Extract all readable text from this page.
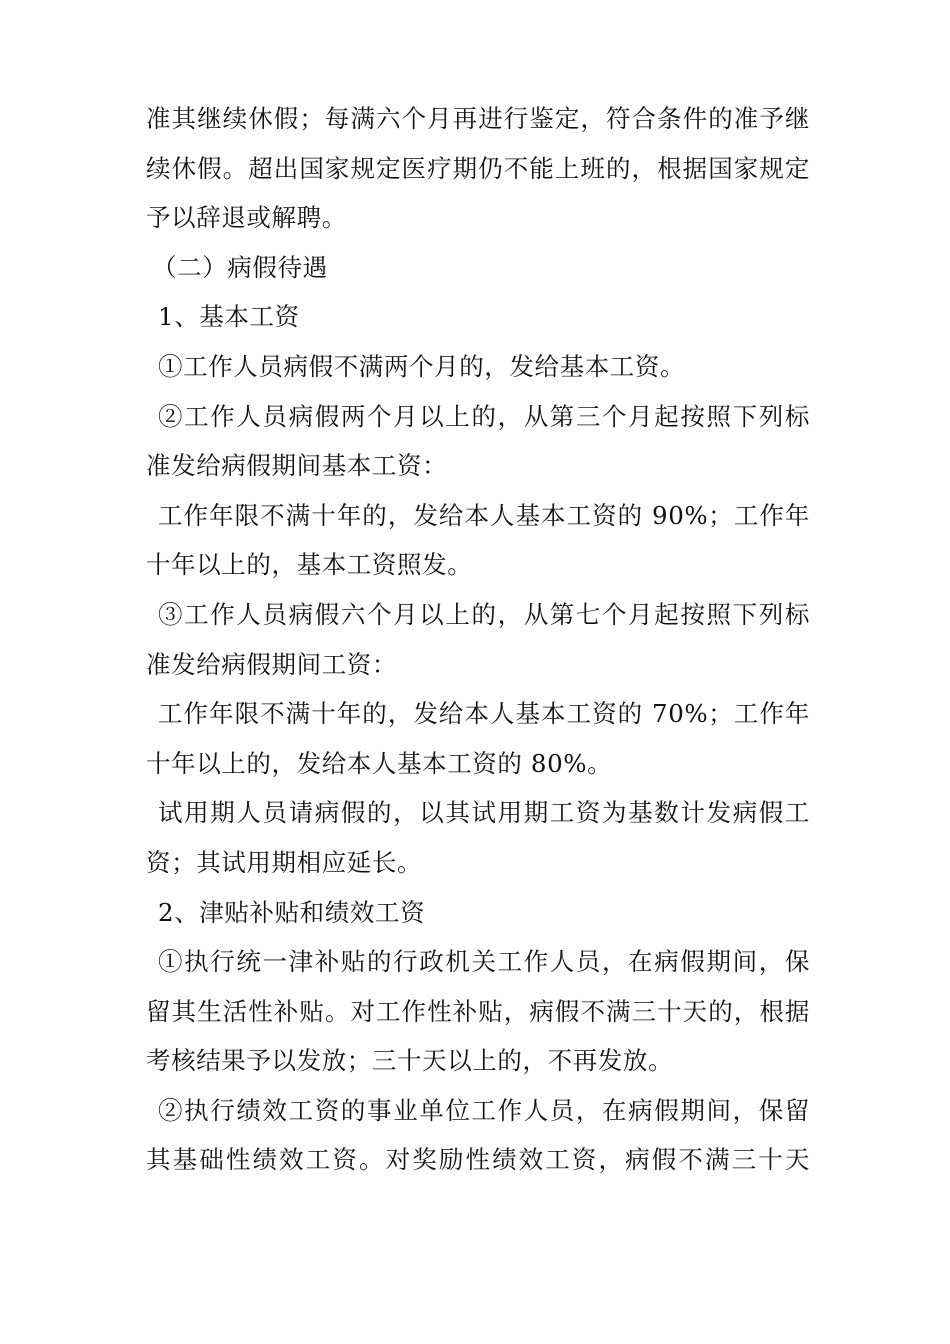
准其继续休假；每满六个月再进行鉴定，符合条件的准予继
续休假。超出国家规定医疗期仍不能上班的，根据国家规定
予以辞退或解聘。
（二）病假待遇
1、基本工资
①工作人员病假不满两个月的，发给基本工资。
②工作人员病假两个月以上的，从第三个月起按照下列标
准发给病假期间基本工资：
工作年限不满十年的，发给本人基本工资的 90%；工作年
十年以上的，基本工资照发。
③工作人员病假六个月以上的，从第七个月起按照下列标
准发给病假期间工资：
工作年限不满十年的，发给本人基本工资的 70%；工作年
十年以上的，发给本人基本工资的 80%。
试用期人员请病假的，以其试用期工资为基数计发病假工
资；其试用期相应延长。
2、津贴补贴和绩效工资
①执行统一津补贴的行政机关工作人员，在病假期间，保
留其生活性补贴。对工作性补贴，病假不满三十天的，根据
考核结果予以发放；三十天以上的，不再发放。
②执行绩效工资的事业单位工作人员，在病假期间，保留
其基础性绩效工资。对奖励性绩效工资，病假不满三十天
